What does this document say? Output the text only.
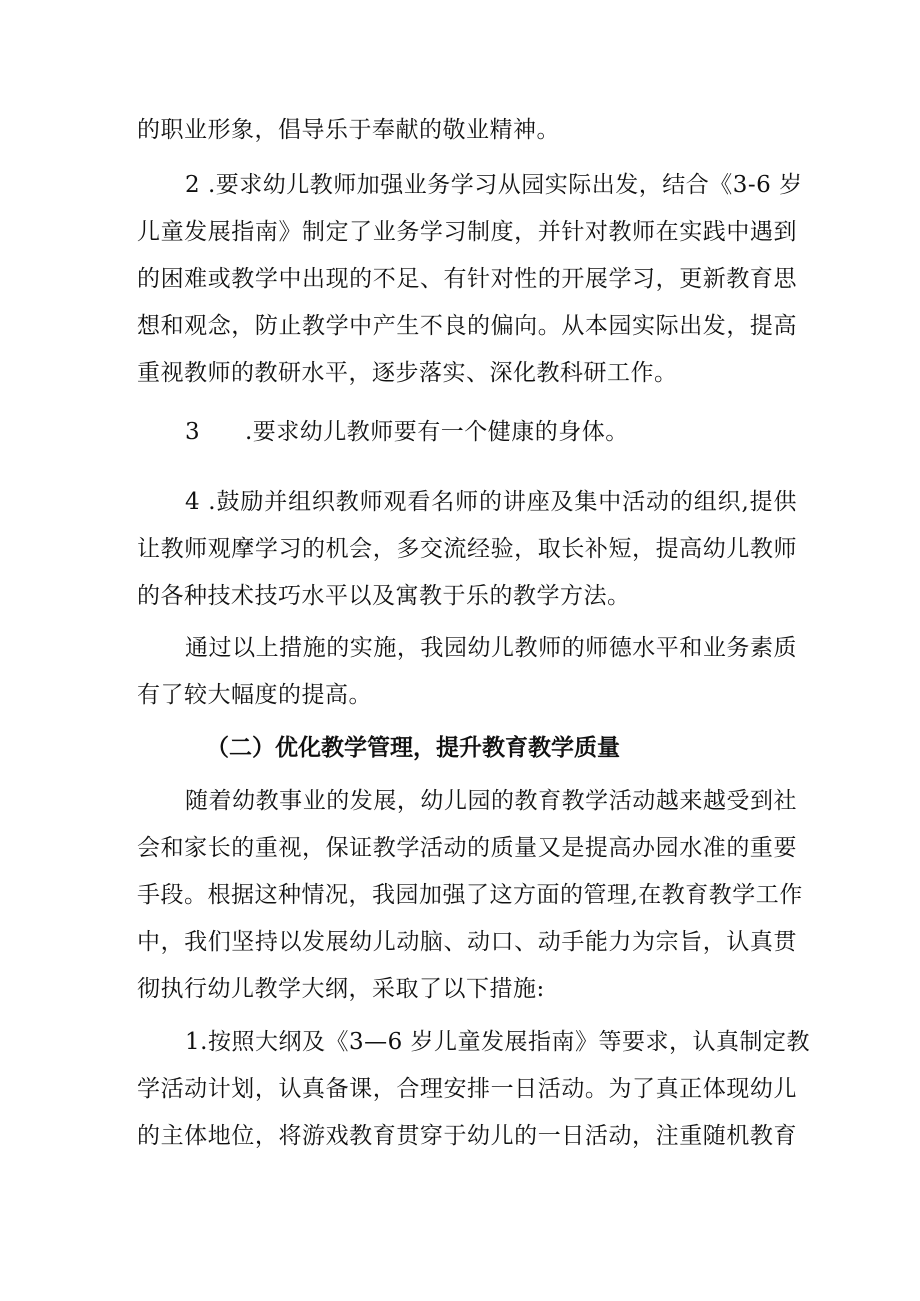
的职业形象，倡导乐于奉献的敬业精神。
2 .要求幼儿教师加强业务学习从园实际出发，结合《3-6 岁
儿童发展指南》制定了业务学习制度，并针对教师在实践中遇到
的困难或教学中出现的不足、有针对性的开展学习，更新教育思
想和观念，防止教学中产生不良的偏向。从本园实际出发，提高
重视教师的教研水平，逐步落实、深化教科研工作。
3 .要求幼儿教师要有一个健康的身体。
4 .鼓励并组织教师观看名师的讲座及集中活动的组织,提供
让教师观摩学习的机会，多交流经验，取长补短，提高幼儿教师
的各种技术技巧水平以及寓教于乐的教学方法。
通过以上措施的实施，我园幼儿教师的师德水平和业务素质
有了较大幅度的提高。
（二）优化教学管理，提升教育教学质量
随着幼教事业的发展，幼儿园的教育教学活动越来越受到社
会和家长的重视，保证教学活动的质量又是提高办园水准的重要
手段。根据这种情况，我园加强了这方面的管理,在教育教学工作
中，我们坚持以发展幼儿动脑、动口、动手能力为宗旨，认真贯
彻执行幼儿教学大纲，采取了以下措施:
1.按照大纲及《3—6 岁儿童发展指南》等要求，认真制定教
学活动计划，认真备课，合理安排一日活动。为了真正体现幼儿
的主体地位，将游戏教育贯穿于幼儿的一日活动，注重随机教育
